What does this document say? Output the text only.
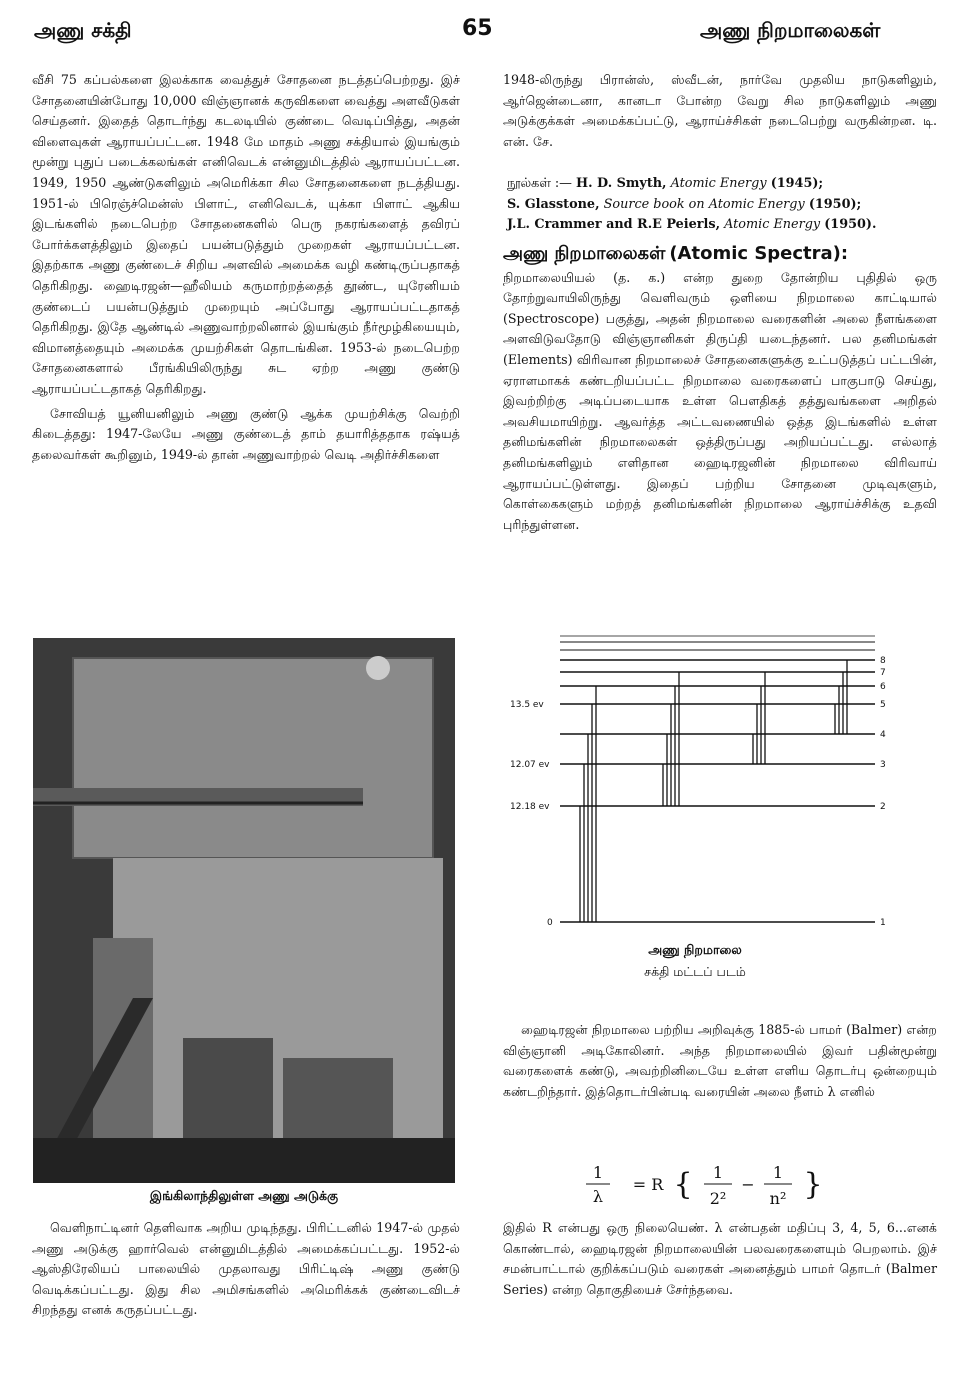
அணு சக்தி	65	அணு நிறமாலைகள்

வீசி 75 கப்பல்களை இலக்காக வைத்துச் சோதனை நடத்தப்பெற்றது. இச் சோதனையின்போது 10,000 விஞ்ஞானக் கருவிகளை வைத்து அளவீடுகள் செய்தனர். இதைத் தொடர்ந்து கடலடியில் குண்டை வெடிப்பித்து, அதன் விளைவுகள் ஆராயப்பட்டன. 1948 மே மாதம் அணு சக்தியால் இயங்கும் மூன்று புதுப் படைக்கலங்கள் எனிவெடக் என்னுமிடத்தில் ஆராயப்பட்டன. 1949, 1950 ஆண்டுகளிலும் அமெரிக்கா சில சோதனைகளை நடத்தியது. 1951-ல் பிரெஞ்ச்மென்ஸ் பிளாட், எனிவெடக், யுக்கா பிளாட் ஆகிய இடங்களில் நடைபெற்ற சோதனைகளில் பெரு நகரங்களைத் தவிரப் போர்க்களத்திலும் இதைப் பயன்படுத்தும் முறைகள் ஆராயப்பட்டன. இதற்காக அணு குண்டைச் சிறிய அளவில் அமைக்க வழி கண்டிருப்பதாகத் தெரிகிறது. ஹைடிரஜன்—ஹீலியம் கருமாற்றத்தைத் தூண்ட, யுரேனியம் குண்டைப் பயன்படுத்தும் முறையும் அப்போது ஆராயப்பட்டதாகத் தெரிகிறது. இதே ஆண்டில் அணுவாற்றலினால் இயங்கும் நீர்மூழ்கியையும், விமானத்தையும் அமைக்க முயற்சிகள் தொடங்கின. 1953-ல் நடைபெற்ற சோதனைகளால் பீரங்கியிலிருந்து சுட ஏற்ற அணு குண்டு ஆராயப்பட்டதாகத் தெரிகிறது.

சோவியத் யூனியனிலும் அணு குண்டு ஆக்க முயற்சிக்கு வெற்றி கிடைத்தது: 1947-லேயே அணு குண்டைத் தாம் தயாரித்ததாக ரஷ்யத் தலைவர்கள் கூறினும், 1949-ல் தான் அணுவாற்றல் வெடி அதிர்ச்சிகளை

இங்கிலாந்திலுள்ள அணு அடுக்கு

வெளிநாட்டினர் தெளிவாக அறிய முடிந்தது. பிரிட்டனில் 1947-ல் முதல் அணு அடுக்கு ஹார்வெல் என்னுமிடத்தில் அமைக்கப்பட்டது. 1952-ல் ஆஸ்திரேலியப் பாலையில் முதலாவது பிரிட்டிஷ் அணு குண்டு வெடிக்கப்பட்டது. இது சில அமிசங்களில் அமெரிக்கக் குண்டைவிடச் சிறந்தது எனக் கருதப்பட்டது.

1948-லிருந்து பிரான்ஸ், ஸ்வீடன், நார்வே முதலிய நாடுகளிலும், ஆர்ஜென்டைனா, கானடா போன்ற வேறு சில நாடுகளிலும் அணு அடுக்குக்கள் அமைக்கப்பட்டு, ஆராய்ச்சிகள் நடைபெற்று வருகின்றன. டி. என். சே.

நூல்கள் :— H. D. Smyth, Atomic Energy (1945);
S. Glasstone, Source book on Atomic Energy (1950);
J.L. Crammer and R.E Peierls, Atomic Energy (1950).

அணு நிறமாலைகள் (Atomic Spectra):

நிறமாலையியல் (த. க.) என்ற துறை தோன்றிய புதிதில் ஒரு தோற்றுவாயிலிருந்து வெளிவரும் ஒளியை நிறமாலை காட்டியால் (Spectroscope) பகுத்து, அதன் நிறமாலை வரைகளின் அலை நீளங்களை அளவிடுவதோடு விஞ்ஞானிகள் திருப்தி யடைந்தனர். பல தனிமங்கள் (Elements) விரிவான நிறமாலைச் சோதனைகளுக்கு உட்படுத்தப் பட்டபின், ஏராளமாகக் கண்டறியப்பட்ட நிறமாலை வரைகளைப் பாகுபாடு செய்து, இவற்றிற்கு அடிப்படையாக உள்ள பௌதிகத் தத்துவங்களை அறிதல் அவசியமாயிற்று. ஆவர்த்த அட்டவணையில் ஒத்த இடங்களில் உள்ள தனிமங்களின் நிறமாலைகள் ஒத்திருப்பது அறியப்பட்டது. எல்லாத் தனிமங்களிலும் எளிதான ஹைடிரஜனின் நிறமாலை விரிவாய் ஆராயப்பட்டுள்ளது. இதைப் பற்றிய சோதனை முடிவுகளும், கொள்கைகளும் மற்றத் தனிமங்களின் நிறமாலை ஆராய்ச்சிக்கு உதவி புரிந்துள்ளன.

13.5 ev
12.07 ev
12.18 ev
0
8
7
6
5
4
3
2
1
அணு நிறமாலை
சக்தி மட்டப் படம்

ஹைடிரஜன் நிறமாலை பற்றிய அறிவுக்கு 1885-ல் பாமர் (Balmer) என்ற விஞ்ஞானி அடிகோலினர். அந்த நிறமாலையில் இவர் பதின்மூன்று வரைகளைக் கண்டு, அவற்றினிடையே உள்ள எளிய தொடர்பு ஒன்றையும் கண்டறிந்தார். இத்தொடர்பின்படி வரையின் அலை நீளம் λ எனில்

1
λ
= R { 1
2²
−
1
n² }

இதில் R என்பது ஒரு நிலையெண். λ என்பதன் மதிப்பு 3, 4, 5, 6...எனக் கொண்டால், ஹைடிரஜன் நிறமாலையின் பலவரைகளையும் பெறலாம். இச் சமன்பாட்டால் குறிக்கப்படும் வரைகள் அனைத்தும் பாமர் தொடர் (Balmer Series) என்ற தொகுதியைச் சேர்ந்தவை.
